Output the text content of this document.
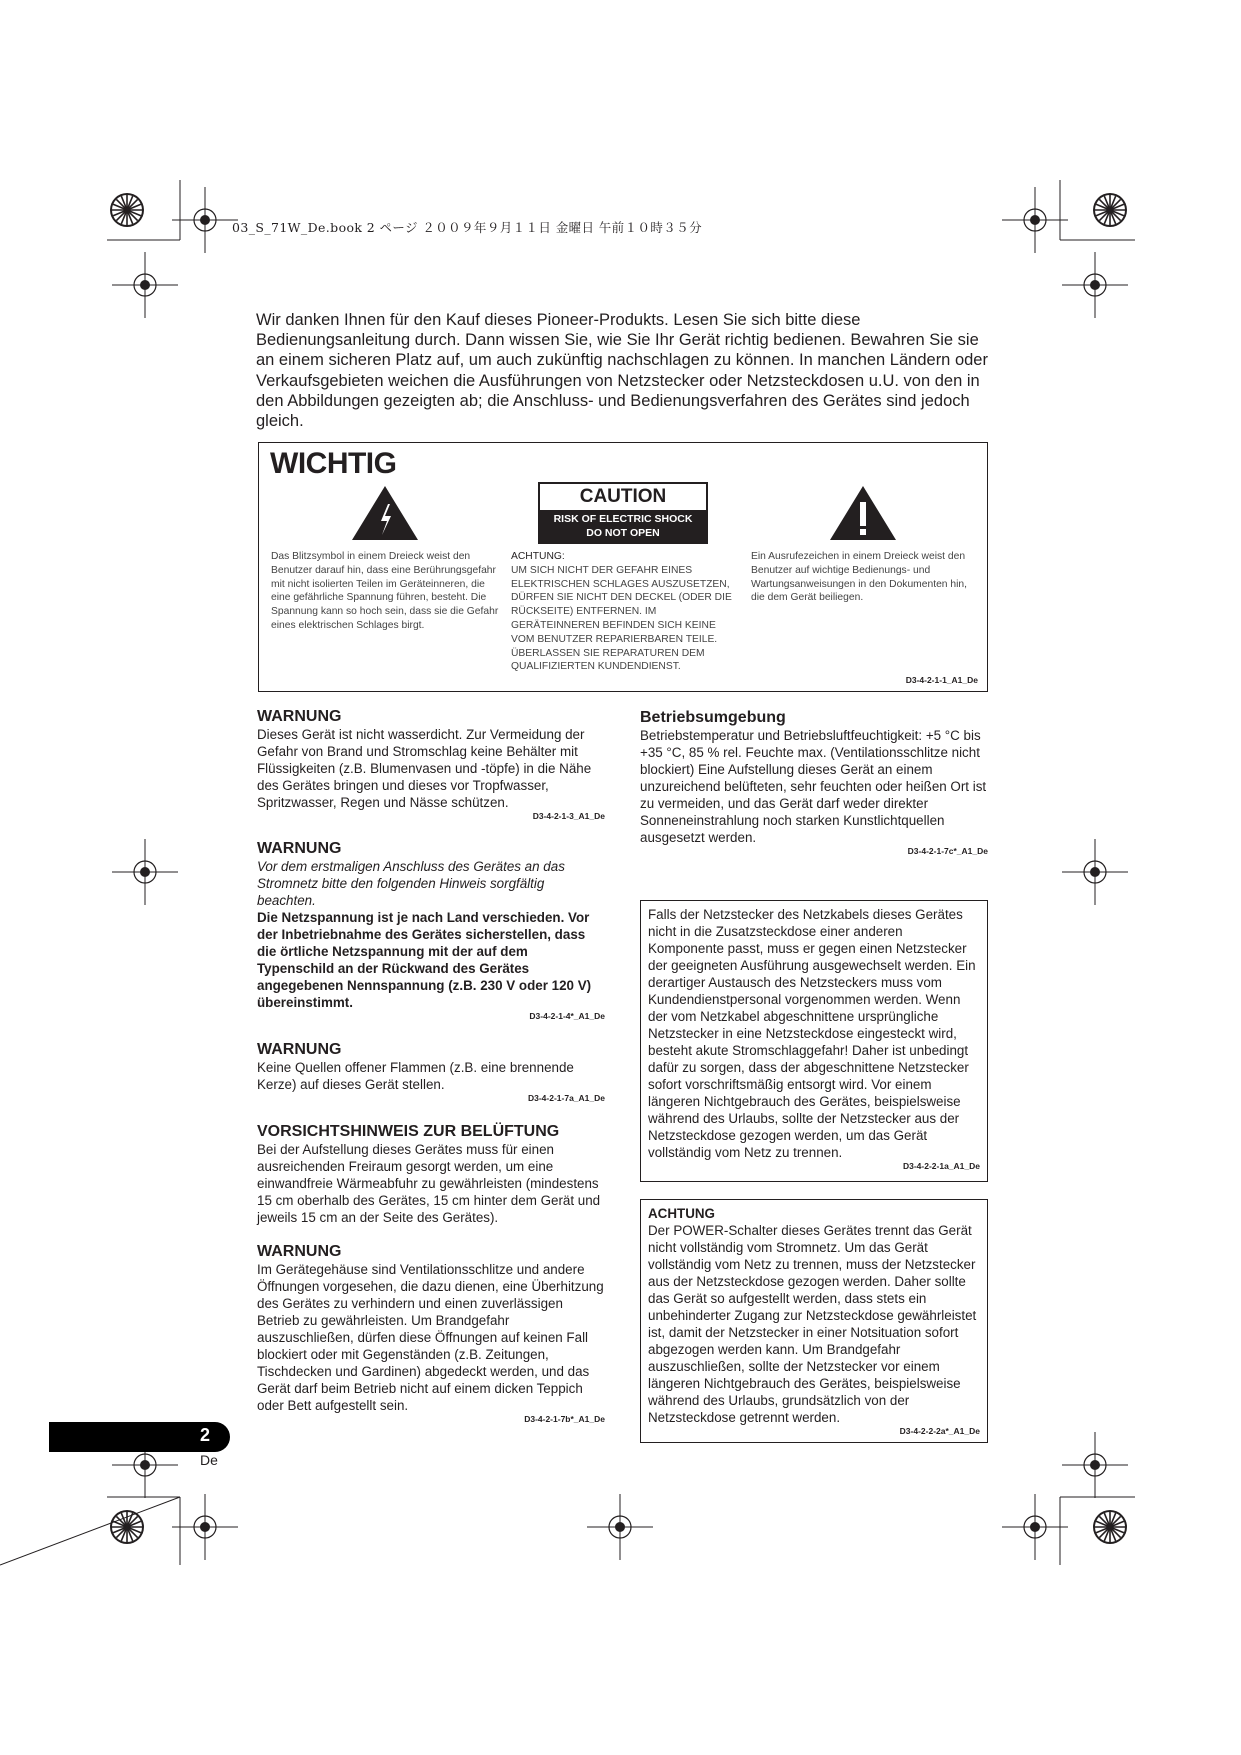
03_S_71W_De.book 2 ページ ２００９年９月１１日 金曜日 午前１０時３５分
Wir danken Ihnen für den Kauf dieses Pioneer-Produkts. Lesen Sie sich bitte diese Bedienungsanleitung durch. Dann wissen Sie, wie Sie Ihr Gerät richtig bedienen. Bewahren Sie sie an einem sicheren Platz auf, um auch zukünftig nachschlagen zu können. In manchen Ländern oder Verkaufsgebieten weichen die Ausführungen von Netzstecker oder Netzsteckdosen u.U. von den in den Abbildungen gezeigten ab; die Anschluss- und Bedienungsverfahren des Gerätes sind jedoch gleich.
WICHTIG
CAUTION
RISK OF ELECTRIC SHOCK
DO NOT OPEN
Das Blitzsymbol in einem Dreieck weist den Benutzer darauf hin, dass eine Berührungsgefahr mit nicht isolierten Teilen im Geräteinneren, die eine gefährliche Spannung führen, besteht. Die Spannung kann so hoch sein, dass sie die Gefahr eines elektrischen Schlages birgt.
ACHTUNG:
UM SICH NICHT DER GEFAHR EINES ELEKTRISCHEN SCHLAGES AUSZUSETZEN, DÜRFEN SIE NICHT DEN DECKEL (ODER DIE RÜCKSEITE) ENTFERNEN. IM GERÄTEINNEREN BEFINDEN SICH KEINE VOM BENUTZER REPARIERBAREN TEILE. ÜBERLASSEN SIE REPARATUREN DEM QUALIFIZIERTEN KUNDENDIENST.
Ein Ausrufezeichen in einem Dreieck weist den Benutzer auf wichtige Bedienungs- und Wartungsanweisungen in den Dokumenten hin, die dem Gerät beiliegen.
D3-4-2-1-1_A1_De
WARNUNG
Dieses Gerät ist nicht wasserdicht. Zur Vermeidung der Gefahr von Brand und Stromschlag keine Behälter mit Flüssigkeiten (z.B. Blumenvasen und -töpfe) in die Nähe des Gerätes bringen und dieses vor Tropfwasser, Spritzwasser, Regen und Nässe schützen.
D3-4-2-1-3_A1_De
WARNUNG
Vor dem erstmaligen Anschluss des Gerätes an das Stromnetz bitte den folgenden Hinweis sorgfältig beachten.
Die Netzspannung ist je nach Land verschieden. Vor der Inbetriebnahme des Gerätes sicherstellen, dass die örtliche Netzspannung mit der auf dem Typenschild an der Rückwand des Gerätes angegebenen Nennspannung (z.B. 230 V oder 120 V) übereinstimmt.
D3-4-2-1-4*_A1_De
WARNUNG
Keine Quellen offener Flammen (z.B. eine brennende Kerze) auf dieses Gerät stellen.
D3-4-2-1-7a_A1_De
VORSICHTSHINWEIS ZUR BELÜFTUNG
Bei der Aufstellung dieses Gerätes muss für einen ausreichenden Freiraum gesorgt werden, um eine einwandfreie Wärmeabfuhr zu gewährleisten (mindestens 15 cm oberhalb des Gerätes, 15 cm hinter dem Gerät und jeweils 15 cm an der Seite des Gerätes).
WARNUNG
Im Gerätegehäuse sind Ventilationsschlitze und andere Öffnungen vorgesehen, die dazu dienen, eine Überhitzung des Gerätes zu verhindern und einen zuverlässigen Betrieb zu gewährleisten. Um Brandgefahr auszuschließen, dürfen diese Öffnungen auf keinen Fall blockiert oder mit Gegenständen (z.B. Zeitungen, Tischdecken und Gardinen) abgedeckt werden, und das Gerät darf beim Betrieb nicht auf einem dicken Teppich oder Bett aufgestellt sein.
D3-4-2-1-7b*_A1_De
Betriebsumgebung
Betriebstemperatur und Betriebsluftfeuchtigkeit: +5 °C bis +35 °C, 85 % rel. Feuchte max. (Ventilationsschlitze nicht blockiert) Eine Aufstellung dieses Gerät an einem unzureichend belüfteten, sehr feuchten oder heißen Ort ist zu vermeiden, und das Gerät darf weder direkter Sonneneinstrahlung noch starken Kunstlichtquellen ausgesetzt werden.
D3-4-2-1-7c*_A1_De
Falls der Netzstecker des Netzkabels dieses Gerätes nicht in die Zusatzsteckdose einer anderen Komponente passt, muss er gegen einen Netzstecker der geeigneten Ausführung ausgewechselt werden. Ein derartiger Austausch des Netzsteckers muss vom Kundendienstpersonal vorgenommen werden. Wenn der vom Netzkabel abgeschnittene ursprüngliche Netzstecker in eine Netzsteckdose eingesteckt wird, besteht akute Stromschlaggefahr! Daher ist unbedingt dafür zu sorgen, dass der abgeschnittene Netzstecker sofort vorschriftsmäßig entsorgt wird. Vor einem längeren Nichtgebrauch des Gerätes, beispielsweise während des Urlaubs, sollte der Netzstecker aus der Netzsteckdose gezogen werden, um das Gerät vollständig vom Netz zu trennen.
D3-4-2-2-1a_A1_De
ACHTUNG
Der POWER-Schalter dieses Gerätes trennt das Gerät nicht vollständig vom Stromnetz. Um das Gerät vollständig vom Netz zu trennen, muss der Netzstecker aus der Netzsteckdose gezogen werden. Daher sollte das Gerät so aufgestellt werden, dass stets ein unbehinderter Zugang zur Netzsteckdose gewährleistet ist, damit der Netzstecker in einer Notsituation sofort abgezogen werden kann. Um Brandgefahr auszuschließen, sollte der Netzstecker vor einem längeren Nichtgebrauch des Gerätes, beispielsweise während des Urlaubs, grundsätzlich von der Netzsteckdose getrennt werden.
D3-4-2-2-2a*_A1_De
2
De
